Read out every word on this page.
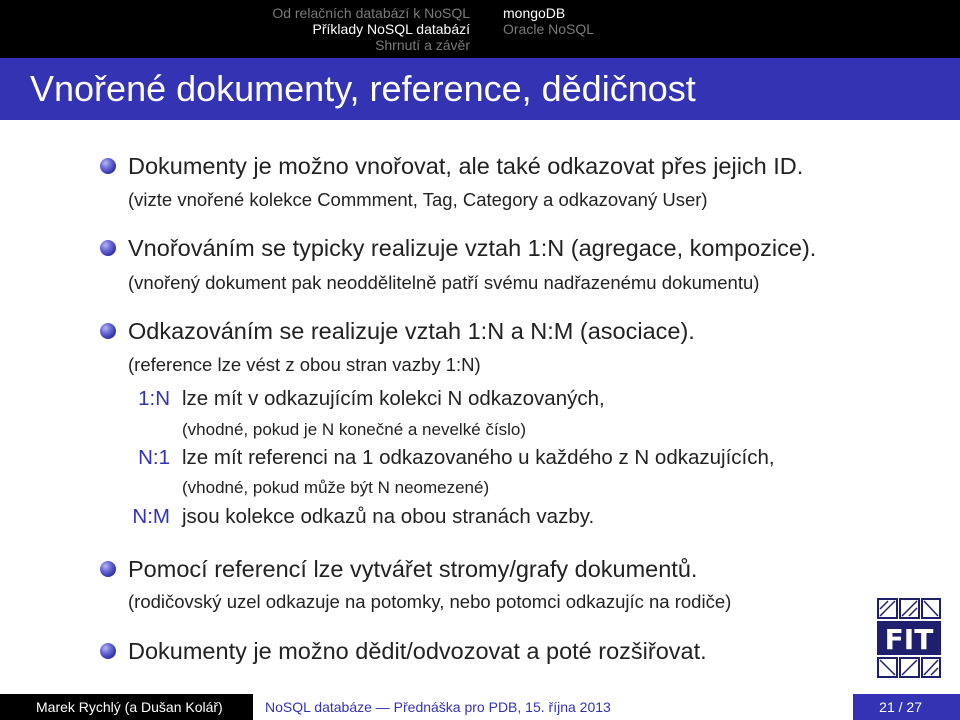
Od relačních databází k NoSQL
Příklady NoSQL databází
Shrnutí a závěr
mongoDB
Oracle NoSQL
Vnořené dokumenty, reference, dědičnost
Dokumenty je možno vnořovat, ale také odkazovat přes jejich ID.
(vizte vnořené kolekce Commment, Tag, Category a odkazovaný User)
Vnořováním se typicky realizuje vztah 1:N (agregace, kompozice).
(vnořený dokument pak neoddělitelně patří svému nadřazenému dokumentu)
Odkazováním se realizuje vztah 1:N a N:M (asociace).
(reference lze vést z obou stran vazby 1:N)
1:N lze mít v odkazujícím kolekci N odkazovaných,
(vhodné, pokud je N konečné a nevelké číslo)
N:1 lze mít referenci na 1 odkazovaného u každého z N odkazujících,
(vhodné, pokud může být N neomezené)
N:M jsou kolekce odkazů na obou stranách vazby.
Pomocí referencí lze vytvářet stromy/grafy dokumentů.
(rodičovský uzel odkazuje na potomky, nebo potomci odkazujíc na rodiče)
Dokumenty je možno dědit/odvozovat a poté rozšiřovat.	FIT
Marek Rychlý (a Dušan Kolář)	NoSQL databáze — Přednáška pro PDB, 15. října 2013	21 / 27
